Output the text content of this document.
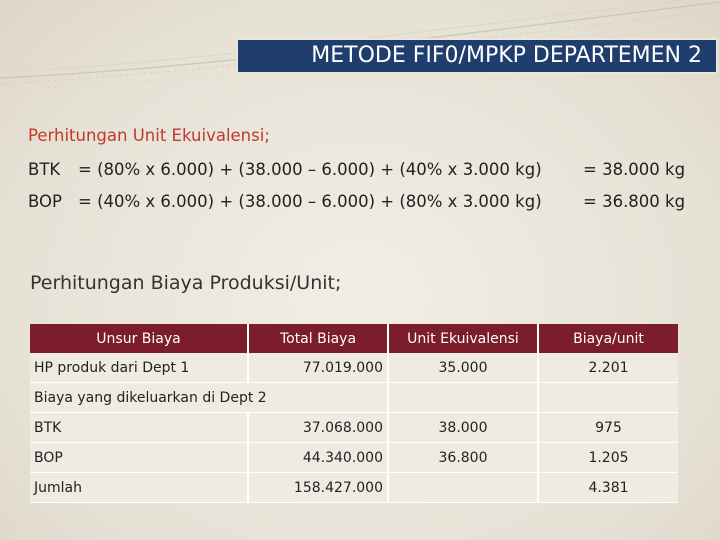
METODE FIF0/MPKP DEPARTEMEN 2
Perhitungan Unit Ekuivalensi;
BTK = (80% x 6.000) + (38.000 – 6.000) + (40% x 3.000 kg)	= 38.000 kg
BOP = (40% x 6.000) + (38.000 – 6.000) + (80% x 3.000 kg)	= 36.800 kg
Perhitungan Biaya Produksi/Unit;
Unsur Biaya	Total Biaya	Unit Ekuivalensi	Biaya/unit
HP produk dari Dept 1	77.019.000	35.000	2.201
Biaya yang dikeluarkan di Dept 2			
BTK	37.068.000	38.000	975
BOP	44.340.000	36.800	1.205
Jumlah	158.427.000		4.381
